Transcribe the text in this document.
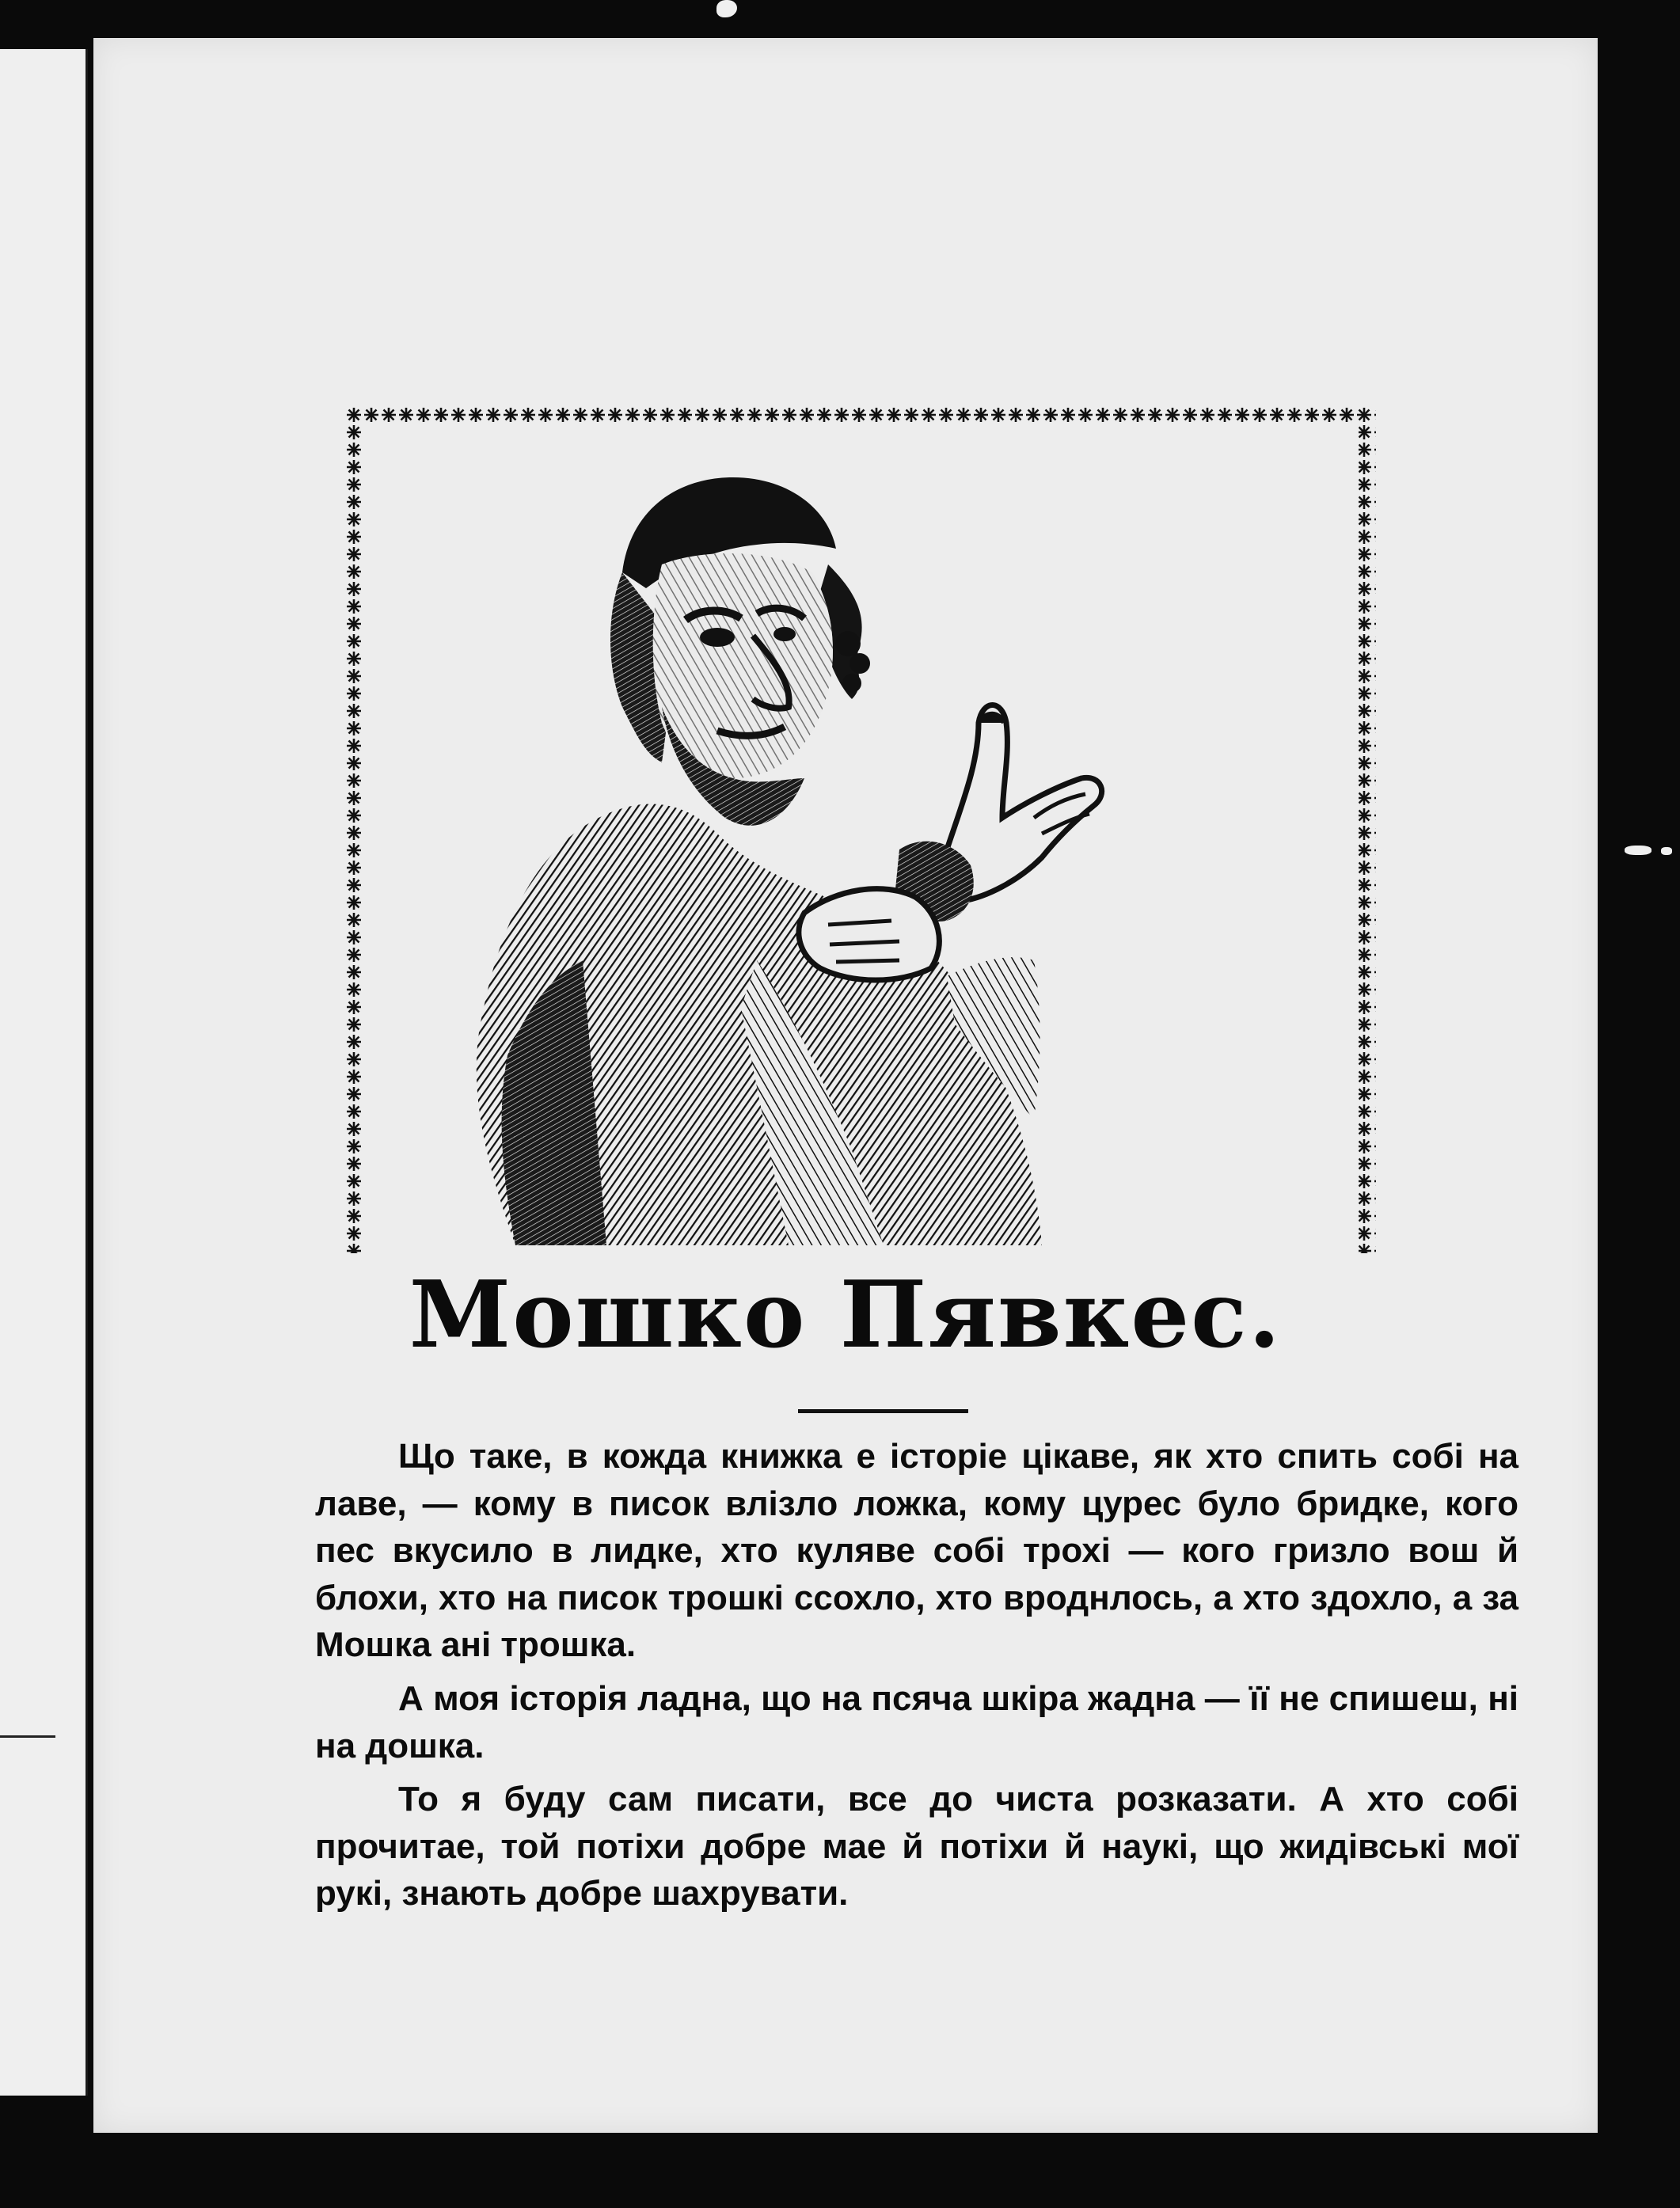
Мошко Пявкес.

Що таке, в кожда книжка е історіе цікаве, як хто спить собі на лаве, — кому в писок влізло ложка, кому цурес було бридке, кого пес вкусило в лидке, хто куляве собі трохі — кого гризло вош й блохи, хто на писок трошкі ссохло, хто вроднлось, а хто здохло, а за Мошка ані трошка.

А моя історія ладна, що на псяча шкіра жадна — її не спишеш, ні на дошка.

То я буду сам писати, все до чиста розказати. А хто собі прочитае, той потіхи добре мае й потіхи й наукі, що жидівські мої рукі, знають добре шахрувати.
